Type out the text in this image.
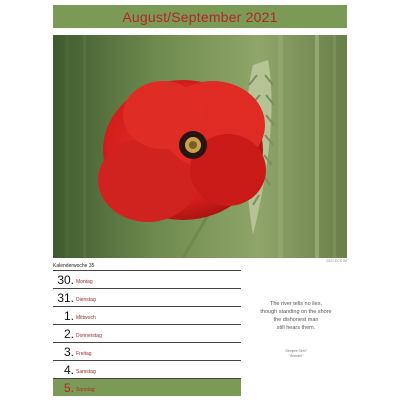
August/September 2021
2021 ECS IM
Kalenderwoche 35
30. Montag
31. Dienstag
1. Mittwoch
2. Donnerstag
3. Freitag
4. Samstag
5. Sonntag
The river tells no lies,
though standing on the shore
the dishonest man
still hears them.
Sempre Seh?
"Wonder"
